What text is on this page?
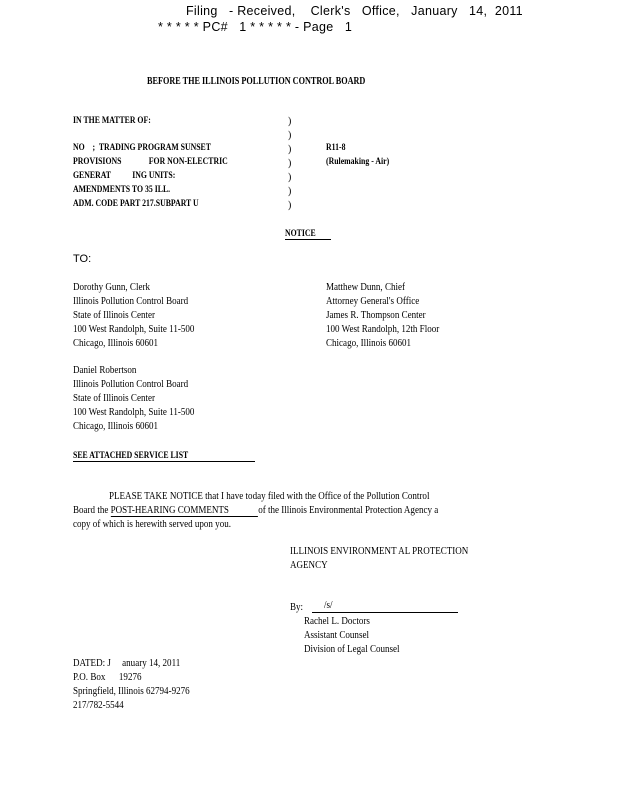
Filing   - Received,    Clerk's   Office,   January   14,  2011
* * * * * PC#   1 * * * * * - Page   1
BEFORE THE ILLINOIS POLLUTION CONTROL BOARD
IN THE MATTER OF:
NO    ;  TRADING PROGRAM SUNSET
PROVISIONS              FOR NON-ELECTRIC
GENERAT           ING UNITS:
AMENDMENTS TO 35 ILL.
ADM. CODE PART 217.SUBPART U
)
)
)
)
)
)
)
R11-8
(Rulemaking - Air)
NOTICE
TO:
Dorothy Gunn, Clerk
Illinois Pollution Control Board
State of Illinois Center
100 West Randolph, Suite 11-500
Chicago, Illinois 60601
Matthew Dunn, Chief
Attorney General's Office
James R. Thompson Center
100 West Randolph, 12th Floor
Chicago, Illinois 60601
Daniel Robertson
Illinois Pollution Control Board
State of Illinois Center
100 West Randolph, Suite 11-500
Chicago, Illinois 60601
SEE ATTACHED SERVICE LIST
PLEASE TAKE NOTICE that I have today filed with the Office of the Pollution Control
Board the POST-HEARING COMMENTS	of the Illinois Environmental Protection Agency a
copy of which is herewith served upon you.
ILLINOIS ENVIRONMENT AL PROTECTION
AGENCY
By: /s/
Rachel L. Doctors
Assistant Counsel
Division of Legal Counsel
DATED: J     anuary 14, 2011
P.O. Box      19276
Springfield, Illinois 62794-9276
217/782-5544
